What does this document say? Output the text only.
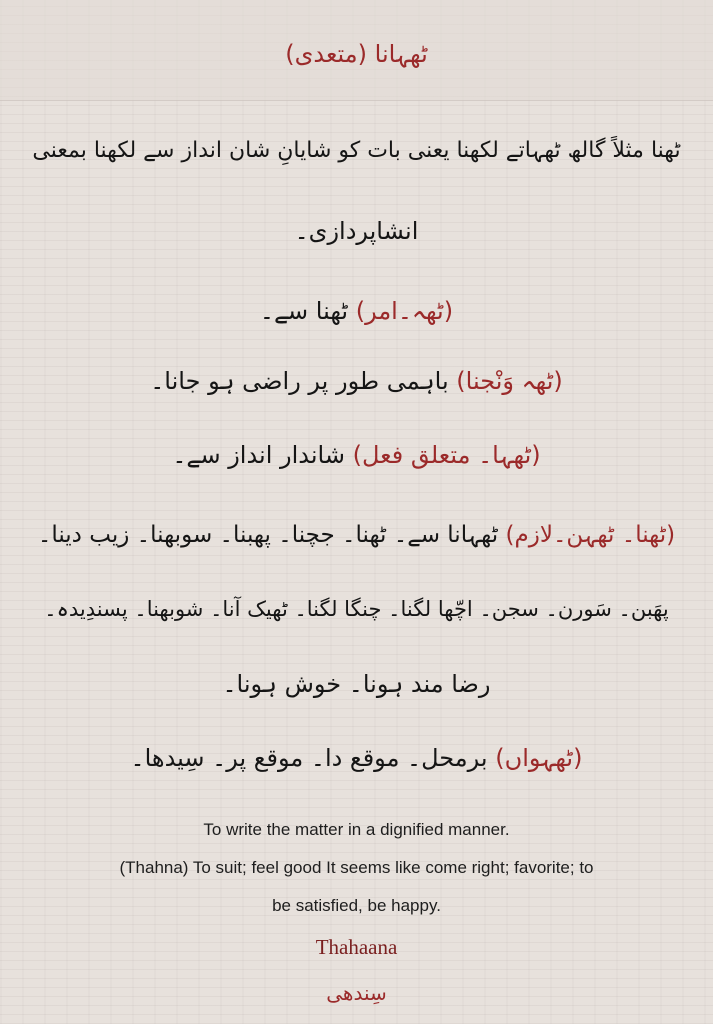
ٹھہانا (متعدی)
ٹھنا مثلاً گالھ ٹھہاتے لکھنا یعنی بات کو شایانِ شان انداز سے لکھنا بمعنی
انشاپردازی۔
(ٹھہ۔امر) ٹھنا سے۔
(ٹھہ وَنْجنا) باہمی طور پر راضی ہو جانا۔
(ٹھہا۔ متعلق فعل) شاندار انداز سے۔
(ٹھنا۔ ٹھہن۔لازم) ٹھہانا سے۔ ٹھنا۔ جچنا۔ پھبنا۔ سوبھنا۔ زیب دینا۔
پھَبن۔ سَورن۔ سجن۔ اچّھا لگنا۔ چنگا لگنا۔ ٹھیک آنا۔ شوبھنا۔ پسندِیدہ۔
رضا مند ہونا۔ خوش ہونا۔
(ٹھہواں) برمحل۔ موقع دا۔ موقع پر۔ سِیدھا۔
To write the matter in a dignified manner.
(Thahna) To suit; feel good It seems like come right; favorite; to
be satisfied, be happy.
Thahaana
سِندھی
